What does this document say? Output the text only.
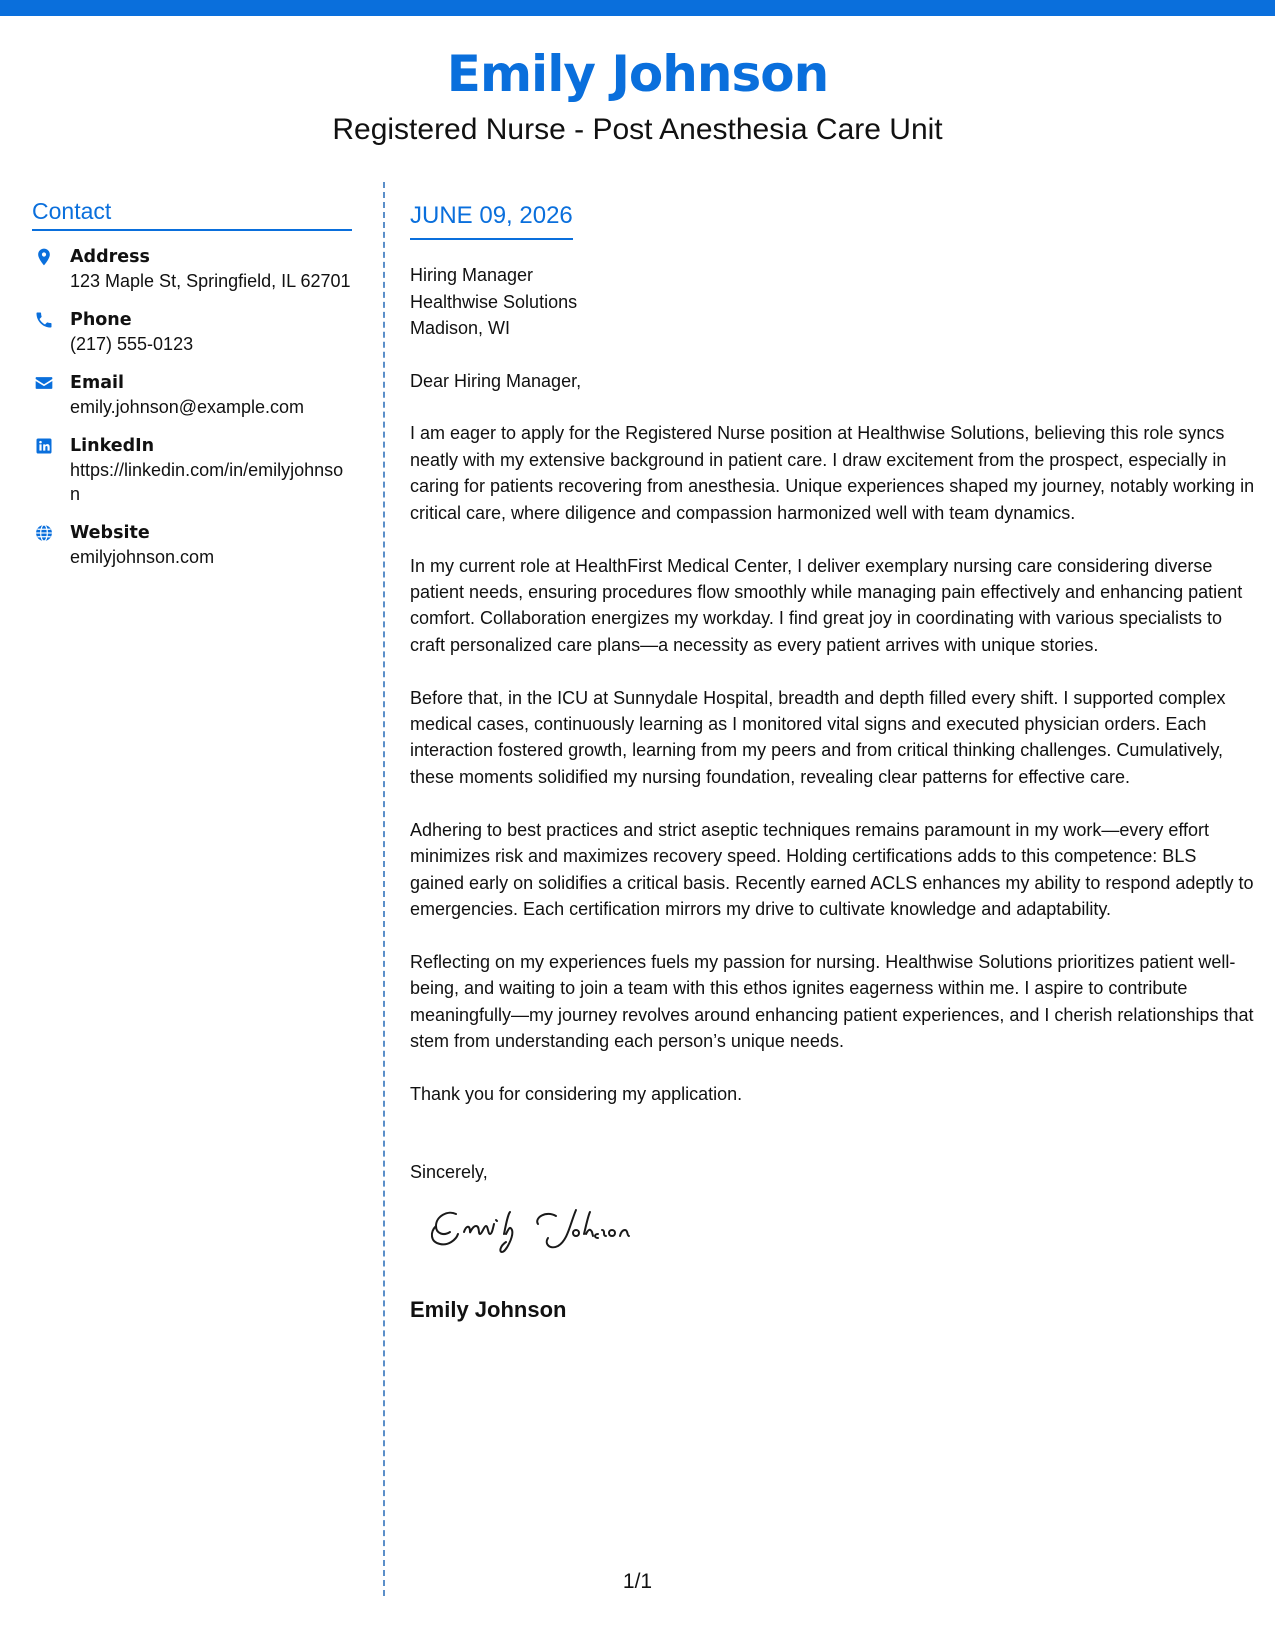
Emily Johnson
Registered Nurse - Post Anesthesia Care Unit
Contact
Address
123 Maple St, Springfield, IL 62701
Phone
(217) 555-0123
Email
emily.johnson@example.com
LinkedIn
https://linkedin.com/in/emilyjohnson
Website
emilyjohnson.com
JUNE 09, 2026
Hiring Manager
Healthwise Solutions
Madison, WI

Dear Hiring Manager,

I am eager to apply for the Registered Nurse position at Healthwise Solutions, believing this role syncs neatly with my extensive background in patient care. I draw excitement from the prospect, especially in caring for patients recovering from anesthesia. Unique experiences shaped my journey, notably working in critical care, where diligence and compassion harmonized well with team dynamics.

In my current role at HealthFirst Medical Center, I deliver exemplary nursing care considering diverse patient needs, ensuring procedures flow smoothly while managing pain effectively and enhancing patient comfort. Collaboration energizes my workday. I find great joy in coordinating with various specialists to craft personalized care plans—a necessity as every patient arrives with unique stories.

Before that, in the ICU at Sunnydale Hospital, breadth and depth filled every shift. I supported complex medical cases, continuously learning as I monitored vital signs and executed physician orders. Each interaction fostered growth, learning from my peers and from critical thinking challenges. Cumulatively, these moments solidified my nursing foundation, revealing clear patterns for effective care.

Adhering to best practices and strict aseptic techniques remains paramount in my work—every effort minimizes risk and maximizes recovery speed. Holding certifications adds to this competence: BLS gained early on solidifies a critical basis. Recently earned ACLS enhances my ability to respond adeptly to emergencies. Each certification mirrors my drive to cultivate knowledge and adaptability.

Reflecting on my experiences fuels my passion for nursing. Healthwise Solutions prioritizes patient well-being, and waiting to join a team with this ethos ignites eagerness within me. I aspire to contribute meaningfully—my journey revolves around enhancing patient experiences, and I cherish relationships that stem from understanding each person’s unique needs.

Thank you for considering my application.

Sincerely,
Emily Johnson
1/1
